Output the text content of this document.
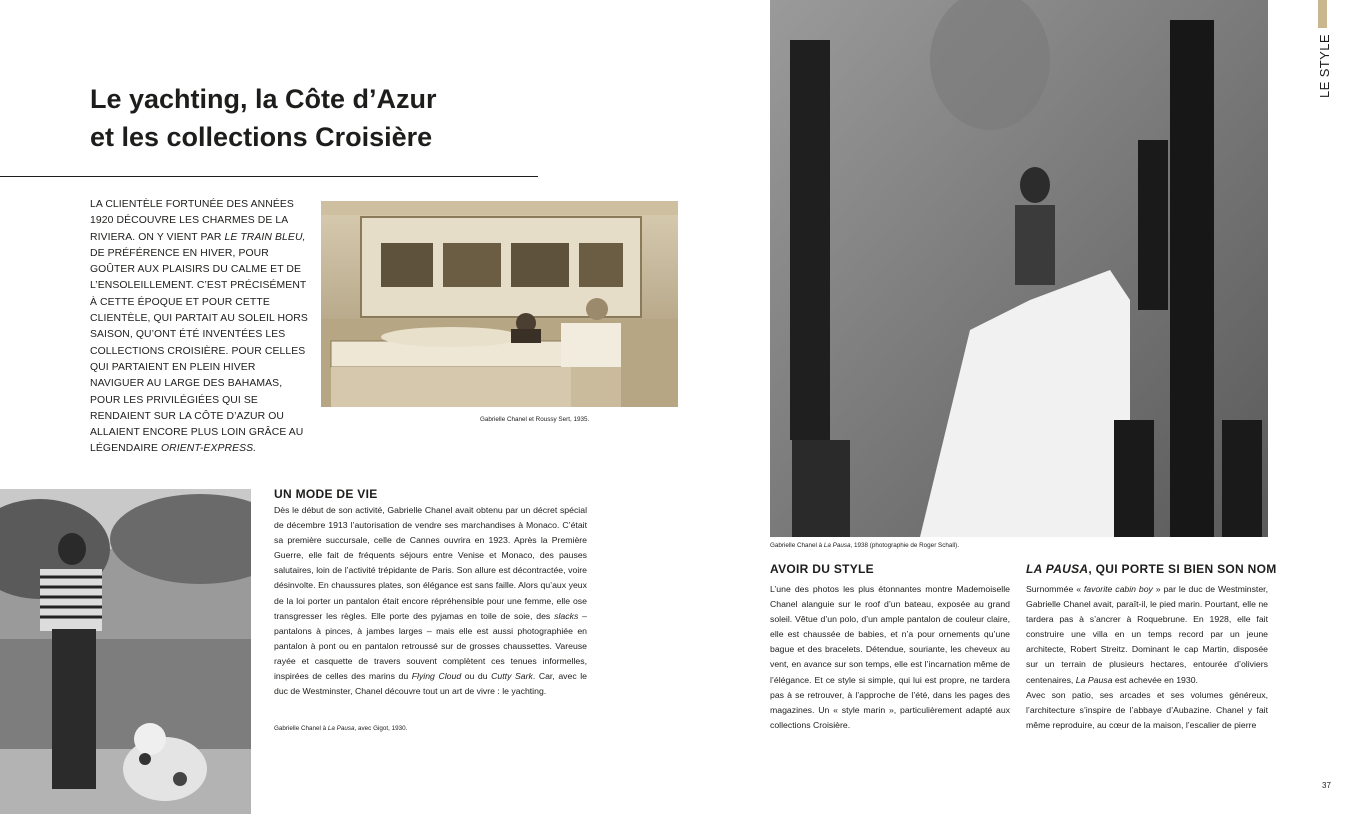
Le yachting, la Côte d’Azur
et les collections Croisière

LA CLIENTÈLE FORTUNÉE DES ANNÉES 1920 DÉCOUVRE LES CHARMES DE LA RIVIERA. ON Y VIENT PAR LE TRAIN BLEU, DE PRÉFÉRENCE EN HIVER, POUR GOÛTER AUX PLAISIRS DU CALME ET DE L’ENSOLEILLEMENT. C’EST PRÉCISÉMENT À CETTE ÉPOQUE ET POUR CETTE CLIENTÈLE, QUI PARTAIT AU SOLEIL HORS SAISON, QU’ONT ÉTÉ INVENTÉES LES COLLECTIONS CROISIÈRE. POUR CELLES QUI PARTAIENT EN PLEIN HIVER NAVIGUER AU LARGE DES BAHAMAS, POUR LES PRIVILÉGIÉES QUI SE RENDAIENT SUR LA CÔTE D’AZUR OU ALLAIENT ENCORE PLUS LOIN GRÂCE AU LÉGENDAIRE ORIENT-EXPRESS.

Gabrielle Chanel et Roussy Sert, 1935.
Gabrielle Chanel à La Pausa, avec Gigot, 1930.
UN MODE DE VIE

Dès le début de son activité, Gabrielle Chanel avait obtenu par un décret spécial de décembre 1913 l’autorisation de vendre ses marchandises à Monaco. C’était sa première succursale, celle de Cannes ouvrira en 1923. Après la Première Guerre, elle fait de fréquents séjours entre Venise et Monaco, des pauses salutaires, loin de l’activité trépidante de Paris. Son allure est décontractée, voire désinvolte. En chaussures plates, son élégance est sans faille. Alors qu’aux yeux de la loi porter un pantalon était encore répréhensible pour une femme, elle ose transgresser les règles. Elle porte des pyjamas en toile de soie, des slacks – pantalons à pinces, à jambes larges – mais elle est aussi photographiée en pantalon à pont ou en pantalon retroussé sur de grosses chaussettes. Vareuse rayée et casquette de travers souvent complètent ces tenues informelles, inspirées de celles des marins du Flying Cloud ou du Cutty Sark. Car, avec le duc de Westminster, Chanel découvre tout un art de vivre : le yachting.

Gabrielle Chanel à La Pausa, 1938 (photographie de Roger Schall).
AVOIR DU STYLE

L’une des photos les plus étonnantes montre Mademoiselle Chanel alanguie sur le roof d’un bateau, exposée au grand soleil. Vêtue d’un polo, d’un ample pantalon de couleur claire, elle est chaussée de babies, et n’a pour ornements qu’une bague et des bracelets. Détendue, souriante, les cheveux au vent, en avance sur son temps, elle est l’incarnation même de l’élégance. Et ce style si simple, qui lui est propre, ne tardera pas à se retrouver, à l’approche de l’été, dans les pages des magazines. Un « style marin », particulièrement adapté aux collections Croisière.

LA PAUSA, QUI PORTE SI BIEN SON NOM

Surnommée « favorite cabin boy » par le duc de Westminster, Gabrielle Chanel avait, paraît-il, le pied marin. Pourtant, elle ne tardera pas à s’ancrer à Roquebrune. En 1928, elle fait construire une villa en un temps record par un jeune architecte, Robert Streitz. Dominant le cap Martin, disposée sur un terrain de plusieurs hectares, entourée d’oliviers centenaires, La Pausa est achevée en 1930.

Avec son patio, ses arcades et ses volumes généreux, l’architecture s’inspire de l’abbaye d’Aubazine. Chanel y fait même reproduire, au cœur de la maison, l’escalier de pierre

LE STYLE
37
